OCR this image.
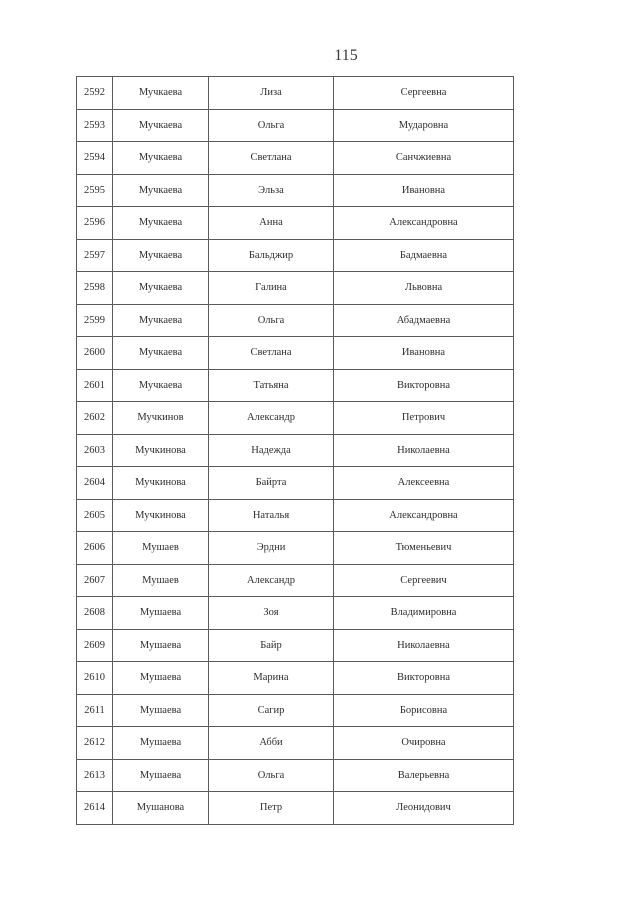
115
2592	Мучкаева	Лиза	Сергеевна
2593	Мучкаева	Ольга	Мударовна
2594	Мучкаева	Светлана	Санчжиевна
2595	Мучкаева	Эльза	Ивановна
2596	Мучкаева	Анна	Александровна
2597	Мучкаева	Бальджир	Бадмаевна
2598	Мучкаева	Галина	Львовна
2599	Мучкаева	Ольга	Абадмаевна
2600	Мучкаева	Светлана	Ивановна
2601	Мучкаева	Татьяна	Викторовна
2602	Мучкинов	Александр	Петрович
2603	Мучкинова	Надежда	Николаевна
2604	Мучкинова	Байрта	Алексеевна
2605	Мучкинова	Наталья	Александровна
2606	Мушаев	Эрдни	Тюменьевич
2607	Мушаев	Александр	Сергеевич
2608	Мушаева	Зоя	Владимировна
2609	Мушаева	Байр	Николаевна
2610	Мушаева	Марина	Викторовна
2611	Мушаева	Сагир	Борисовна
2612	Мушаева	Абби	Очировна
2613	Мушаева	Ольга	Валерьевна
2614	Мушанова	Петр	Леонидович
